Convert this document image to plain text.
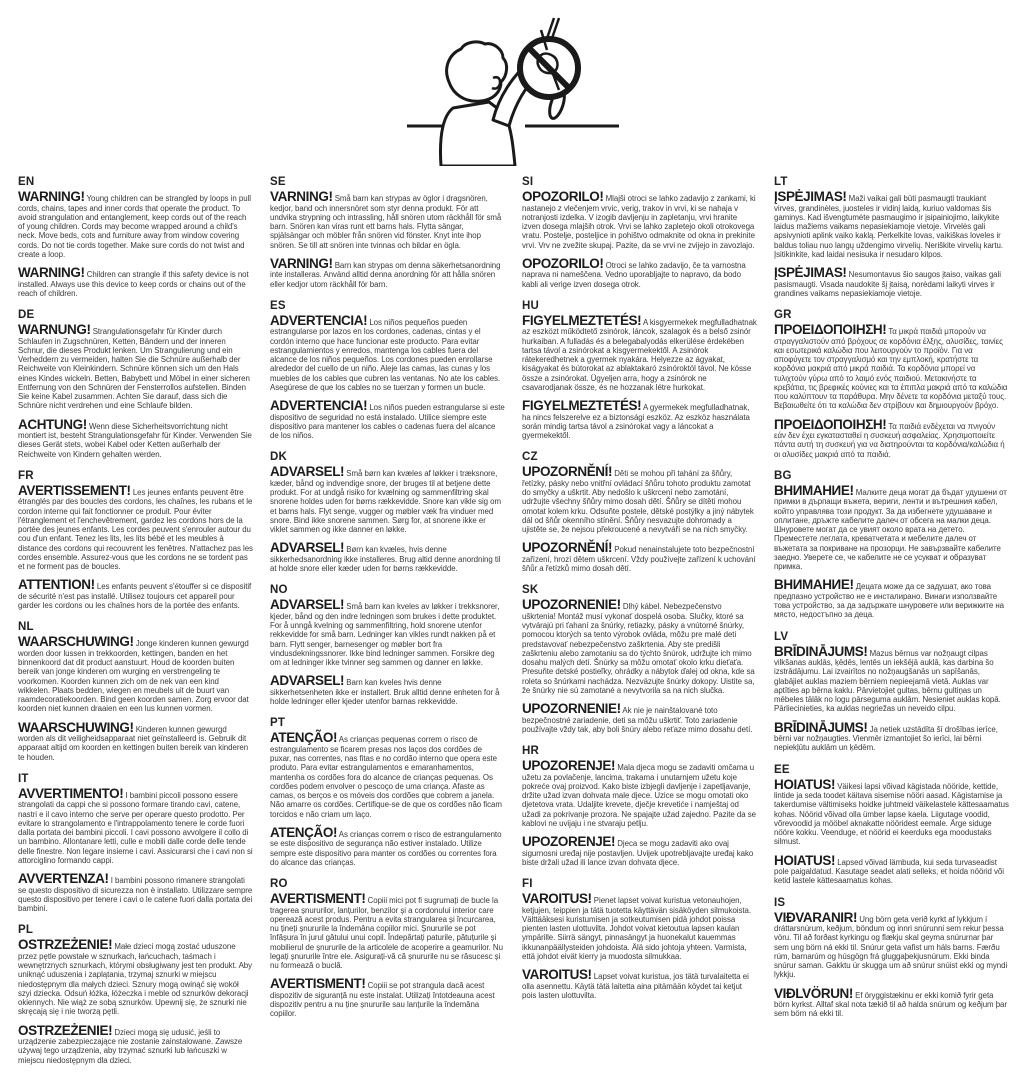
EN

WARNING! Young children can be strangled by loops in pull cords, chains, tapes and inner cords that operate the product. To avoid strangulation and entanglement, keep cords out of the reach of young children. Cords may become wrapped around a child's neck. Move beds, cots and furniture away from window covering cords. Do not tie cords together. Make sure cords do not twist and create a loop.

WARNING! Children can strangle if this safety device is not installed. Always use this device to keep cords or chains out of the reach of children.

DE

WARNUNG! Strangulationsgefahr für Kinder durch Schlaufen in Zugschnüren, Ketten, Bändern und der inneren Schnur, die dieses Produkt lenken. Um Strangulierung und ein Verheddern zu vermeiden, halten Sie die Schnüre außerhalb der Reichweite von Kleinkindern. Schnüre können sich um den Hals eines Kindes wickeln. Betten, Babybett und Möbel in einer sicheren Entfernung von den Schnüren der Fensterrollos aufstellen. Binden Sie keine Kabel zusammen. Achten Sie darauf, dass sich die Schnüre nicht verdrehen und eine Schlaufe bilden.

ACHTUNG! Wenn diese Sicherheitsvorrichtung nicht montiert ist, besteht Strangulationsgefahr für Kinder. Verwenden Sie dieses Gerät stets, wobei Kabel oder Ketten außerhalb der Reichweite von Kindern gehalten werden.

FR

AVERTISSEMENT! Les jeunes enfants peuvent être étranglés par des boucles des cordons, les chaînes, les rubans et le cordon interne qui fait fonctionner ce produit. Pour éviter l'étranglement et l'enchevêtrement, gardez les cordons hors de la portée des jeunes enfants. Les cordes peuvent s'enrouler autour du cou d'un enfant. Tenez les lits, les lits bébé et les meubles à distance des cordons qui recouvrent les fenêtres. N'attachez pas les cordes ensemble. Assurez-vous que les cordons ne se tordent pas et ne forment pas de boucles.

ATTENTION! Les enfants peuvent s'étouffer si ce dispositif de sécurité n'est pas installé. Utilisez toujours cet appareil pour garder les cordons ou les chaînes hors de la portée des enfants.

NL

WAARSCHUWING! Jonge kinderen kunnen gewurgd worden door lussen in trekkoorden, kettingen, banden en het binnenkoord dat dit product aanstuurt. Houd de koorden buiten bereik van jonge kinderen om wurging en verstrengeling te voorkomen. Koorden kunnen zich om de nek van een kind wikkelen. Plaats bedden, wiegen en meubels uit de buurt van raamdecoratiekoorden. Bind geen koorden samen. Zorg ervoor dat koorden niet kunnen draaien en een lus kunnen vormen.

WAARSCHUWING! Kinderen kunnen gewurgd worden als dit veiligheidsapparaat niet geïnstalleerd is. Gebruik dit apparaat altijd om koorden en kettingen buiten bereik van kinderen te houden.

IT

AVVERTIMENTO! I bambini piccoli possono essere strangolati da cappi che si possono formare tirando cavi, catene, nastri e il cavo interno che serve per operare questo prodotto. Per evitare lo strangolamento e l'intrappolamento tenere le corde fuori dalla portata dei bambini piccoli. I cavi possono avvolgere il collo di un bambino. Allontanare letti, culle e mobili dalle corde delle tende delle finestre. Non legare insieme i cavi. Assicurarsi che i cavi non si attorciglino formando cappi.

AVVERTENZA! I bambini possono rimanere strangolati se questo dispositivo di sicurezza non è installato. Utilizzare sempre questo dispositivo per tenere i cavi o le catene fuori dalla portata dei bambini.

PL

OSTRZEŻENIE! Małe dzieci mogą zostać uduszone przez pętle powstałe w sznurkach, łańcuchach, taśmach i wewnętrznych sznurkach, którymi obsługiwany jest ten produkt. Aby uniknąć uduszenia i zaplątania, trzymaj sznurki w miejscu niedostępnym dla małych dzieci. Sznury mogą owinąć się wokół szyi dziecka. Odsuń łóżka, łóżeczka i meble od sznurków dekoracji okiennych. Nie wiąż ze sobą sznurków. Upewnij się, że sznurki nie skręcają się i nie tworzą pętli.

OSTRZEŻENIE! Dzieci mogą się udusić, jeśli to urządzenie zabezpieczające nie zostanie zainstalowane. Zawsze używaj tego urządzenia, aby trzymać sznurki lub łańcuszki w miejscu niedostępnym dla dzieci.

SE

VARNING! Små barn kan strypas av öglor i dragsnören, kedjor, band och innersnöret som styr denna produkt. För att undvika strypning och intrassling, håll snören utom räckhåll för små barn. Snören kan viras runt ett barns hals. Flytta sängar, spjälsängar och möbler från snören vid fönster. Knyt inte ihop snören. Se till att snören inte tvinnas och bildar en ögla.

VARNING! Barn kan strypas om denna säkerhetsanordning inte installeras. Använd alltid denna anordning för att hålla snören eller kedjor utom räckhåll för barn.

ES

ADVERTENCIA! Los niños pequeños pueden estrangularse por lazos en los cordones, cadenas, cintas y el cordón interno que hace funcionar este producto. Para evitar estrangulamientos y enredos, mantenga los cables fuera del alcance de los niños pequeños. Los cordones pueden enrollarse alrededor del cuello de un niño. Aleje las camas, las cunas y los muebles de los cables que cubren las ventanas. No ate los cables. Asegúrese de que los cables no se tuerzan y formen un bucle.

ADVERTENCIA! Los niños pueden estrangularse si este dispositivo de seguridad no está instalado. Utilice siempre este dispositivo para mantener los cables o cadenas fuera del alcance de los niños.

DK

ADVARSEL! Små børn kan kvæles af løkker i træksnore, kæder, bånd og indvendige snore, der bruges til at betjene dette produkt. For at undgå risiko for kvælning og sammenfiltring skal snorene holdes uden for børns rækkevidde. Snore kan vikle sig om et barns hals. Flyt senge, vugger og møbler væk fra vinduer med snore. Bind ikke snorene sammen. Sørg for, at snorene ikke er viklet sammen og ikke danner en løkke.

ADVARSEL! Børn kan kvæles, hvis denne sikkerhedsanordning ikke installeres. Brug altid denne anordning til at holde snore eller kæder uden for børns rækkevidde.

NO

ADVARSEL! Små barn kan kveles av løkker i trekksnorer, kjeder, bånd og den indre ledningen som brukes i dette produktet. For å unngå kvelning og sammenfiltring, hold snorene utenfor rekkevidde for små barn. Ledninger kan vikles rundt nakken på et barn. Flytt senger, barnesenger og møbler bort fra vindusdekningssnorer. Ikke bind ledninger sammen. Forsikre deg om at ledninger ikke tvinner seg sammen og danner en løkke.

ADVARSEL! Barn kan kveles hvis denne sikkerhetsenheten ikke er installert. Bruk alltid denne enheten for å holde ledninger eller kjeder utenfor barnas rekkevidde.

PT

ATENÇÃO! As crianças pequenas correm o risco de estrangulamento se ficarem presas nos laços dos cordões de puxar, nas correntes, nas fitas e no cordão interno que opera este produto. Para evitar estrangulamentos e emaranhamentos, mantenha os cordões fora do alcance de crianças pequenas. Os cordões podem envolver o pescoço de uma criança. Afaste as camas, os berços e os móveis dos cordões que cobrem a janela. Não amarre os cordões. Certifique-se de que os cordões não ficam torcidos e não criam um laço.

ATENÇÃO! As crianças correm o risco de estrangulamento se este dispositivo de segurança não estiver instalado. Utilize sempre este dispositivo para manter os cordões ou correntes fora do alcance das crianças.

RO

AVERTISMENT! Copiii mici pot fi sugrumați de bucle la tragerea șnururilor, lanțurilor, benzilor și a cordonului interior care operează acest produs. Pentru a evita strangularea și încurcarea, nu țineți șnururile la îndemâna copiilor mici. Șnururile se pot înfășura în jurul gâtului unui copil. Îndepărtați paturile, pătuțurile și mobilierul de șnururile de la articolele de acoperire a geamurilor. Nu legați șnururile între ele. Asigurați-vă că șnururile nu se răsucesc și nu formează o buclă.

AVERTISMENT! Copiii se pot strangula dacă acest dispozitiv de siguranță nu este instalat. Utilizați întotdeauna acest dispozitiv pentru a nu ține șnururile sau lanțurile la îndemâna copiilor.

SI

OPOZORILO! Mlajši otroci se lahko zadavijo z zankami, ki nastanejo z vlečenjem vrvic, verig, trakov in vrvi, ki se nahaja v notranjosti izdelka. V izogib davljenju in zapletanju, vrvi hranite izven dosega mlajših otrok. Vrvi se lahko zapletejo okoli otrokovega vratu. Postelje, posteljice in pohištvo odmaknite od okna in prekinite vrvi. Vrv ne zvežite skupaj. Pazite, da se vrvi ne zvijejo in zavozlajo.

OPOZORILO! Otroci se lahko zadavijo, če ta varnostna naprava ni nameščena. Vedno uporabljajte to napravo, da bodo kabli ali verige izven dosega otrok.

HU

FIGYELMEZTETÉS! A kisgyermekek megfulladhatnak az eszközt működtető zsinórok, láncok, szalagok és a belső zsinór hurkaiban. A fulladás és a belegabalyodás elkerülése érdekében tartsa távol a zsinórokat a kisgyermekektől. A zsinórok rátekeredhetnek a gyermek nyakára. Helyezze az ágyakat, kiságyakat és bútorokat az ablaktakaró zsinóroktól távol. Ne kösse össze a zsinórokat. Ügyeljen arra, hogy a zsinórok ne csavarodjanak össze, és ne hozzanak létre hurkokat.

FIGYELMEZTETÉS! A gyermekek megfulladhatnak, ha nincs felszerelve ez a biztonsági eszköz. Az eszköz használata során mindig tartsa távol a zsinórokat vagy a láncokat a gyermekektől.

CZ

UPOZORNĚNÍ! Děti se mohou při tahání za šňůry, řetízky, pásky nebo vnitřní ovládací šňůru tohoto produktu zamotat do smyčky a uškrtit. Aby nedošlo k uškrcení nebo zamotání, udržujte všechny šňůry mimo dosah dětí. Šňůry se dítěti mohou omotat kolem krku. Odsuňte postele, dětské postýlky a jiný nábytek dál od šňůr okenního stínění. Šňůry nesvazujte dohromady a ujistěte se, že nejsou překroucené a nevytváří se na nich smyčky.

UPOZORNĚNÍ! Pokud nenainstalujete toto bezpečnostní zařízení, hrozí dětem uškrcení. Vždy používejte zařízení k uchování šňůr a řetízků mimo dosah dětí.

SK

UPOZORNENIE! Dlhý kábel. Nebezpečenstvo uškrtenia! Montáž musí vykonať dospelá osoba. Slučky, ktoré sa vytvárajú pri ťahaní za šnúrky, retiazky, pásky a vnútorné šnúrky, pomocou ktorých sa tento výrobok ovláda, môžu pre malé deti predstavovať nebezpečenstvo zaškrtenia. Aby ste predišli zaškrteniu alebo zamotaniu sa do týchto šnúrok, udržujte ich mimo dosahu malých detí. Šnúrky sa môžu omotať okolo krku dieťaťa. Presuňte detské postieľky, ohrádky a nábytok ďalej od okna, kde sa roleta so šnúrkami nachádza. Nezväzujte šnúrky dokopy. Uistite sa, že šnúrky nie sú zamotané a nevytvorila sa na nich slučka.

UPOZORNENIE! Ak nie je nainštalované toto bezpečnostné zariadenie, deti sa môžu uškrtiť. Toto zariadenie používajte vždy tak, aby boli šnúry alebo reťaze mimo dosahu detí.

HR

UPOZORENJE! Mala djeca mogu se zadaviti omčama u užetu za povlačenje, lancima, trakama i unutarnjem užetu koje pokreće ovaj proizvod. Kako biste izbjegli davljenje i zapetljavanje, držite užad izvan dohvata male djece. Uzice se mogu omotati oko djetetova vrata. Udaljite krevete, dječje krevetiće i namještaj od užadi za pokrivanje prozora. Ne spajajte užad zajedno. Pazite da se kablovi ne uvijaju i ne stvaraju petlju.

UPOZORENJE! Djeca se mogu zadaviti ako ovaj sigurnosni uređaj nije postavljen. Uvijek upotrebljavajte uređaj kako biste držali užad ili lance izvan dohvata djece.

FI

VAROITUS! Pienet lapset voivat kuristua vetonauhojen, ketjujen, teippien ja tätä tuotetta käyttävän sisäköyden silmukoista. Välttääksesi kuristumisen ja sotkeutumisen pidä johdot poissa pienten lasten ulottuvilta. Johdot voivat kietoutua lapsen kaulan ympärille. Siirrä sängyt, pinnasängyt ja huonekalut kauemmas ikkunanpäällysteiden johdoista. Älä sido johtoja yhteen. Varmista, että johdot eivät kierry ja muodosta silmukkaa.

VAROITUS! Lapset voivat kuristua, jos tätä turvalaitetta ei olla asennettu. Käytä tätä laitetta aina pitämään köydet tai ketjut pois lasten ulottuvilta.

LT

ĮSPĖJIMAS! Maži vaikai gali būti pasmaugti traukiant virves, grandinėles, juosteles ir vidinį laidą, kuriuo valdomas šis gaminys. Kad išvengtumėte pasmaugimo ir įsipainiojimo, laikykite laidus mažiems vaikams nepasiekiamoje vietoje. Virvelės gali apsivynioti aplink vaiko kaklą. Perkelkite lovas, vaikiškas loveles ir baldus toliau nuo langų uždengimo virvelių. Neriškite virvelių kartu. Įsitikinkite, kad laidai nesisuka ir nesudaro kilpos.

ĮSPĖJIMAS! Nesumontavus šio saugos įtaiso, vaikas gali pasismaugti. Visada naudokite šį įtaisą, norėdami laikyti virves ir grandines vaikams nepasiekiamoje vietoje.

GR

ΠΡΟΕΙΔΟΠΟΙΗΣΗ! Τα μικρά παιδιά μπορούν να στραγγαλιστούν από βρόχους σε κορδόνια έλξης, αλυσίδες, ταινίες και εσωτερικά καλώδια που λειτουργούν το προϊόν. Για να αποφύγετε τον στραγγαλισμό και την εμπλοκή, κρατήστε τα κορδόνια μακριά από μικρά παιδιά. Τα κορδόνια μπορεί να τυλιχτούν γύρω από το λαιμό ενός παιδιού. Μετακινήστε τα κρεβάτια, τις βρεφικές κούνιες και τα έπιπλα μακριά από τα καλώδια που καλύπτουν τα παράθυρα. Μην δένετε τα κορδόνια μεταξύ τους. Βεβαιωθείτε ότι τα καλώδια δεν στρίβουν και δημιουργούν βρόχο.

ΠΡΟΕΙΔΟΠΟΙΗΣΗ! Τα παιδιά ενδέχεται να πνιγούν εάν δεν έχει εγκατασταθεί η συσκευή ασφαλείας. Χρησιμοποιείτε πάντα αυτή τη συσκευή για να διατηρούνται τα κορδόνια/καλώδια ή οι αλυσίδες μακριά από τα παιδιά.

BG

ВНИМАНИЕ! Малките деца могат да бъдат удушени от примки в дърпащи въжета, вериги, ленти и вътрешния кабел, който управлява този продукт. За да избегнете удушаване и оплитане, дръжте кабелите далеч от обсега на малки деца. Шнуровете могат да се увият около врата на детето. Преместете леглата, креватчетата и мебелите далеч от въжетата за покриване на прозорци. Не завързвайте кабелите заедно. Уверете се, че кабелите не се усукват и образуват примка.

ВНИМАНИЕ! Децата може да се задушат, ако това предпазно устройство не е инсталирано. Винаги използвайте това устройство, за да задържате шнуровете или верижките на място, недостъпно за деца.

LV

BRĪDINĀJUMS! Mazus bērnus var nožņaugt cilpas vilkšanas auklās, ķēdēs, lentēs un iekšējā auklā, kas darbina šo izstrādājumu. Lai izvairītos no nožņaugšanās un sapīšanās, glabājiet auklas maziem bērniem nepieejamā vietā. Auklas var aptīties ap bērna kaklu. Pārvietojiet gultas, bērnu gultiņas un mēbeles tālāk no logu pārseguma auklām. Nesieniet auklas kopā. Pārliecinieties, ka auklas negriežas un neveido cilpu.

BRĪDINĀJUMS! Ja netiek uzstādīta šī drošības ierīce, bērni var nožņaugties. Vienmēr izmantojiet šo ierīci, lai bērni nepiekļūtu auklām un ķēdēm.

EE

HOIATUS! Väikesi lapsi võivad kägistada nööride, kettide, lintide ja seda toodet käitava sisemise nööri aasad. Kägistamise ja takerdumise vältimiseks hoidke juhtmeid väikelastele kättesaamatus kohas. Nöörid võivad olla ümber lapse kaela. Liigutage voodid, võrevoodid ja mööbel aknakatte nööridest eemale. Ärge siduge nööre kokku. Veenduge, et nöörid ei keerduks ega moodustaks silmust.

HOIATUS! Lapsed võivad lämbuda, kui seda turvaseadist pole paigaldatud. Kasutage seadet alati selleks, et hoida nöörid või ketid lastele kättesaamatus kohas.

IS

VIÐVARANIR! Ung börn geta verið kyrkt af lykkjum í dráttarsnúrum, keðjum, böndum og innri snúrunni sem rekur þessa vöru. Til að forðast kyrkingu og flækju skal geyma snúrurnar þar sem ung börn ná ekki til. Snúrur geta vafist um háls barns. Færðu rúm, barnarúm og húsgögn frá gluggaþekjusnúrum. Ekki binda snúrur saman. Gakktu úr skugga um að snúrur snúist ekki og myndi lykkju.

VIÐLVÖRUN! Ef öryggistækinu er ekki komið fyrir geta börn kyrkst. Alltaf skal nota tækið til að halda snúrum og keðjum þar sem börn ná ekki til.
